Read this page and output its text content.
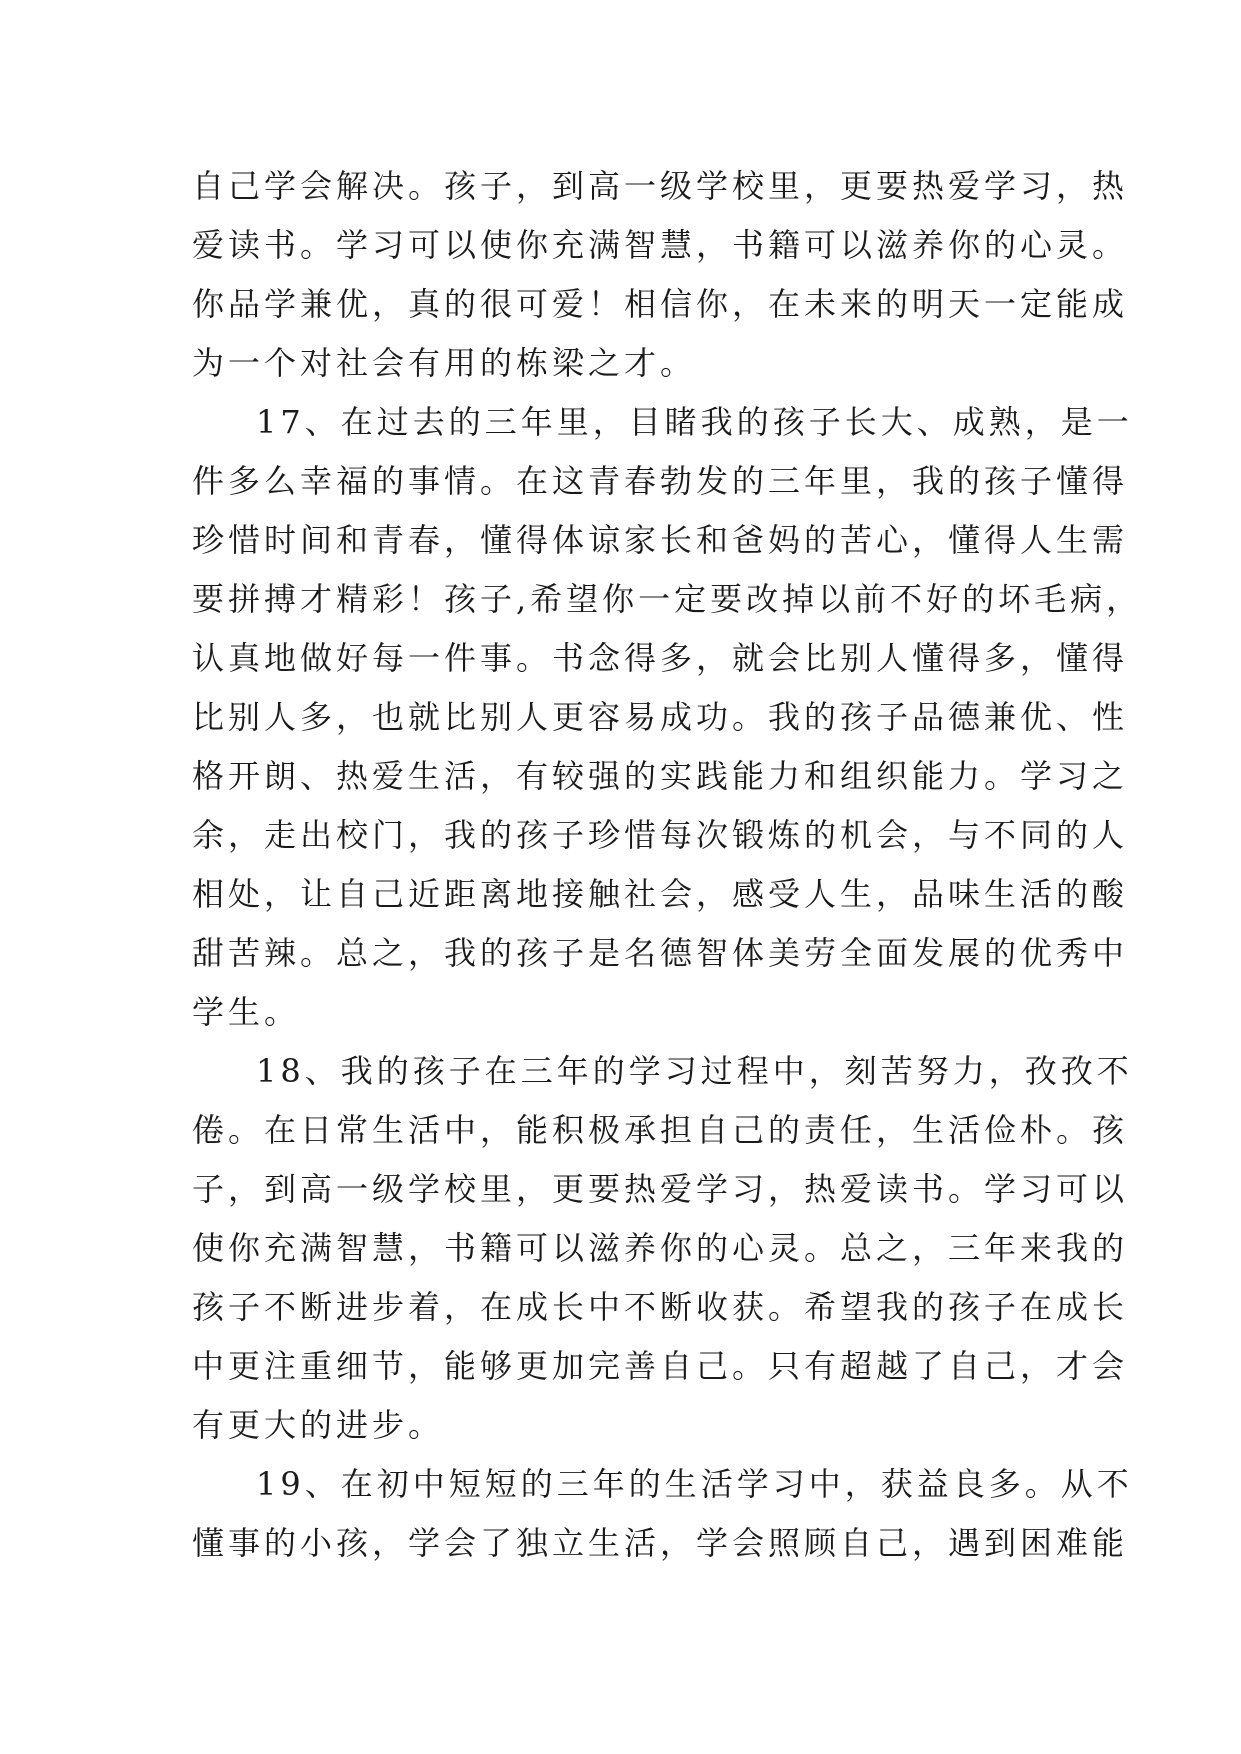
自己学会解决。孩子，到高一级学校里，更要热爱学习，热
爱读书。学习可以使你充满智慧，书籍可以滋养你的心灵。
你品学兼优，真的很可爱！相信你，在未来的明天一定能成
为一个对社会有用的栋梁之才。
17、在过去的三年里，目睹我的孩子长大、成熟，是一
件多么幸福的事情。在这青春勃发的三年里，我的孩子懂得
珍惜时间和青春，懂得体谅家长和爸妈的苦心，懂得人生需
要拼搏才精彩！孩子,希望你一定要改掉以前不好的坏毛病，
认真地做好每一件事。书念得多，就会比别人懂得多，懂得
比别人多，也就比别人更容易成功。我的孩子品德兼优、性
格开朗、热爱生活，有较强的实践能力和组织能力。学习之
余，走出校门，我的孩子珍惜每次锻炼的机会，与不同的人
相处，让自己近距离地接触社会，感受人生，品味生活的酸
甜苦辣。总之，我的孩子是名德智体美劳全面发展的优秀中
学生。
18、我的孩子在三年的学习过程中，刻苦努力，孜孜不
倦。在日常生活中，能积极承担自己的责任，生活俭朴。孩
子，到高一级学校里，更要热爱学习，热爱读书。学习可以
使你充满智慧，书籍可以滋养你的心灵。总之，三年来我的
孩子不断进步着，在成长中不断收获。希望我的孩子在成长
中更注重细节，能够更加完善自己。只有超越了自己，才会
有更大的进步。
19、在初中短短的三年的生活学习中，获益良多。从不
懂事的小孩，学会了独立生活，学会照顾自己，遇到困难能
